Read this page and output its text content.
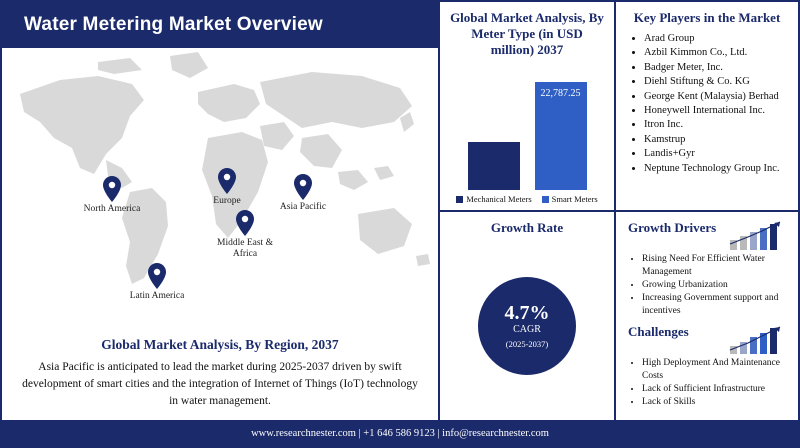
Water Metering Market Overview
North America
Latin America
Europe
Middle East & Africa
Asia Pacific
Global Market Analysis, By Region, 2037
Asia Pacific is anticipated to lead the market during 2025-2037 driven by swift development of smart cities and the integration of Internet of Things (IoT) technology in water management.
Global Market Analysis, By Meter Type (in USD million) 2037
22,787.25
Mechanical Meters Smart Meters
Key Players in the Market
• Arad Group
• Azbil Kimmon Co., Ltd.
• Badger Meter, Inc.
• Diehl Stiftung & Co. KG
• George Kent (Malaysia) Berhad
• Honeywell International Inc.
• Itron Inc.
• Kamstrup
• Landis+Gyr
• Neptune Technology Group Inc.
Growth Rate
4.7%
CAGR
(2025-2037)
Growth Drivers
• Rising Need For Efficient Water Management
• Growing Urbanization
• Increasing Government support and incentives
Challenges
• High Deployment And Maintenance Costs
• Lack of Sufficient Infrastructure
• Lack of Skills
www.researchnester.com | +1 646 586 9123 | info@researchnester.com
